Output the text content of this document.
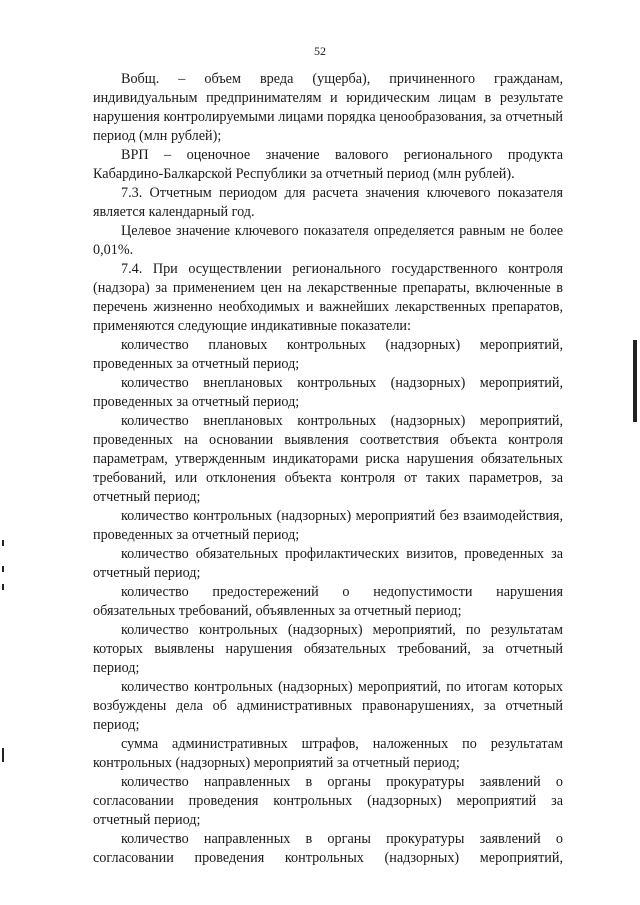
52

Вобщ. – объем вреда (ущерба), причиненного гражданам, индивидуальным предпринимателям и юридическим лицам в результате нарушения контролируемыми лицами порядка ценообразования, за отчетный период (млн рублей);

ВРП – оценочное значение валового регионального продукта Кабардино-Балкарской Республики за отчетный период (млн рублей).

7.3. Отчетным периодом для расчета значения ключевого показателя является календарный год.

Целевое значение ключевого показателя определяется равным не более 0,01%.

7.4. При осуществлении регионального государственного контроля (надзора) за применением цен на лекарственные препараты, включенные в перечень жизненно необходимых и важнейших лекарственных препаратов, применяются следующие индикативные показатели:

количество плановых контрольных (надзорных) мероприятий, проведенных за отчетный период;

количество внеплановых контрольных (надзорных) мероприятий, проведенных за отчетный период;

количество внеплановых контрольных (надзорных) мероприятий, проведенных на основании выявления соответствия объекта контроля параметрам, утвержденным индикаторами риска нарушения обязательных требований, или отклонения объекта контроля от таких параметров, за отчетный период;

количество контрольных (надзорных) мероприятий без взаимодействия, проведенных за отчетный период;

количество обязательных профилактических визитов, проведенных за отчетный период;

количество предостережений о недопустимости нарушения обязательных требований, объявленных за отчетный период;

количество контрольных (надзорных) мероприятий, по результатам которых выявлены нарушения обязательных требований, за отчетный период;

количество контрольных (надзорных) мероприятий, по итогам которых возбуждены дела об административных правонарушениях, за отчетный период;

сумма административных штрафов, наложенных по результатам контрольных (надзорных) мероприятий за отчетный период;

количество направленных в органы прокуратуры заявлений о согласовании проведения контрольных (надзорных) мероприятий за отчетный период;

количество направленных в органы прокуратуры заявлений о согласовании проведения контрольных (надзорных) мероприятий,
